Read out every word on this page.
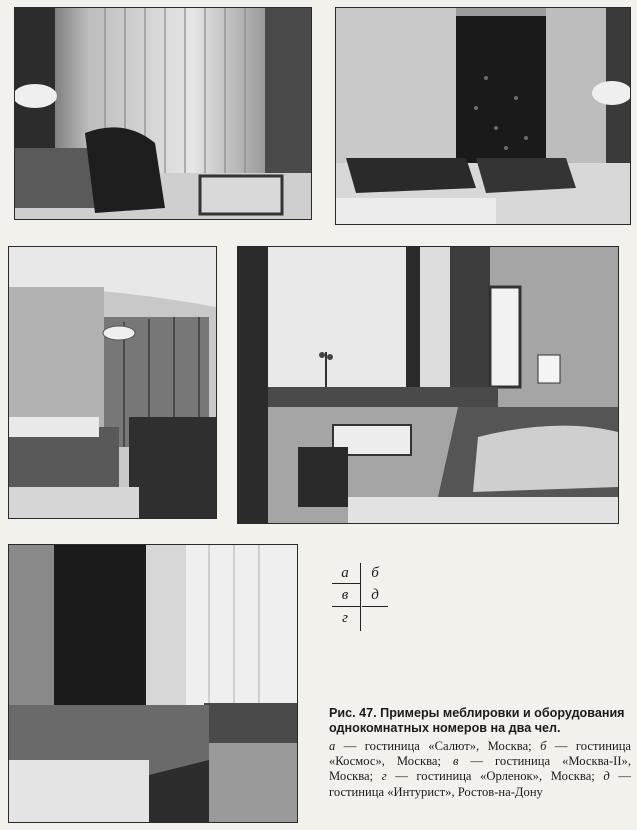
а	б
в	д
г
Рис. 47. Примеры меблировки и оборудования однокомнатных номеров на два чел.
а — гостиница «Салют», Москва; б — гостиница «Космос», Москва; в — гостиница «Москва-II», Москва; г — гостиница «Орленок», Москва; д — гостиница «Интурист», Ростов-на-Дону
